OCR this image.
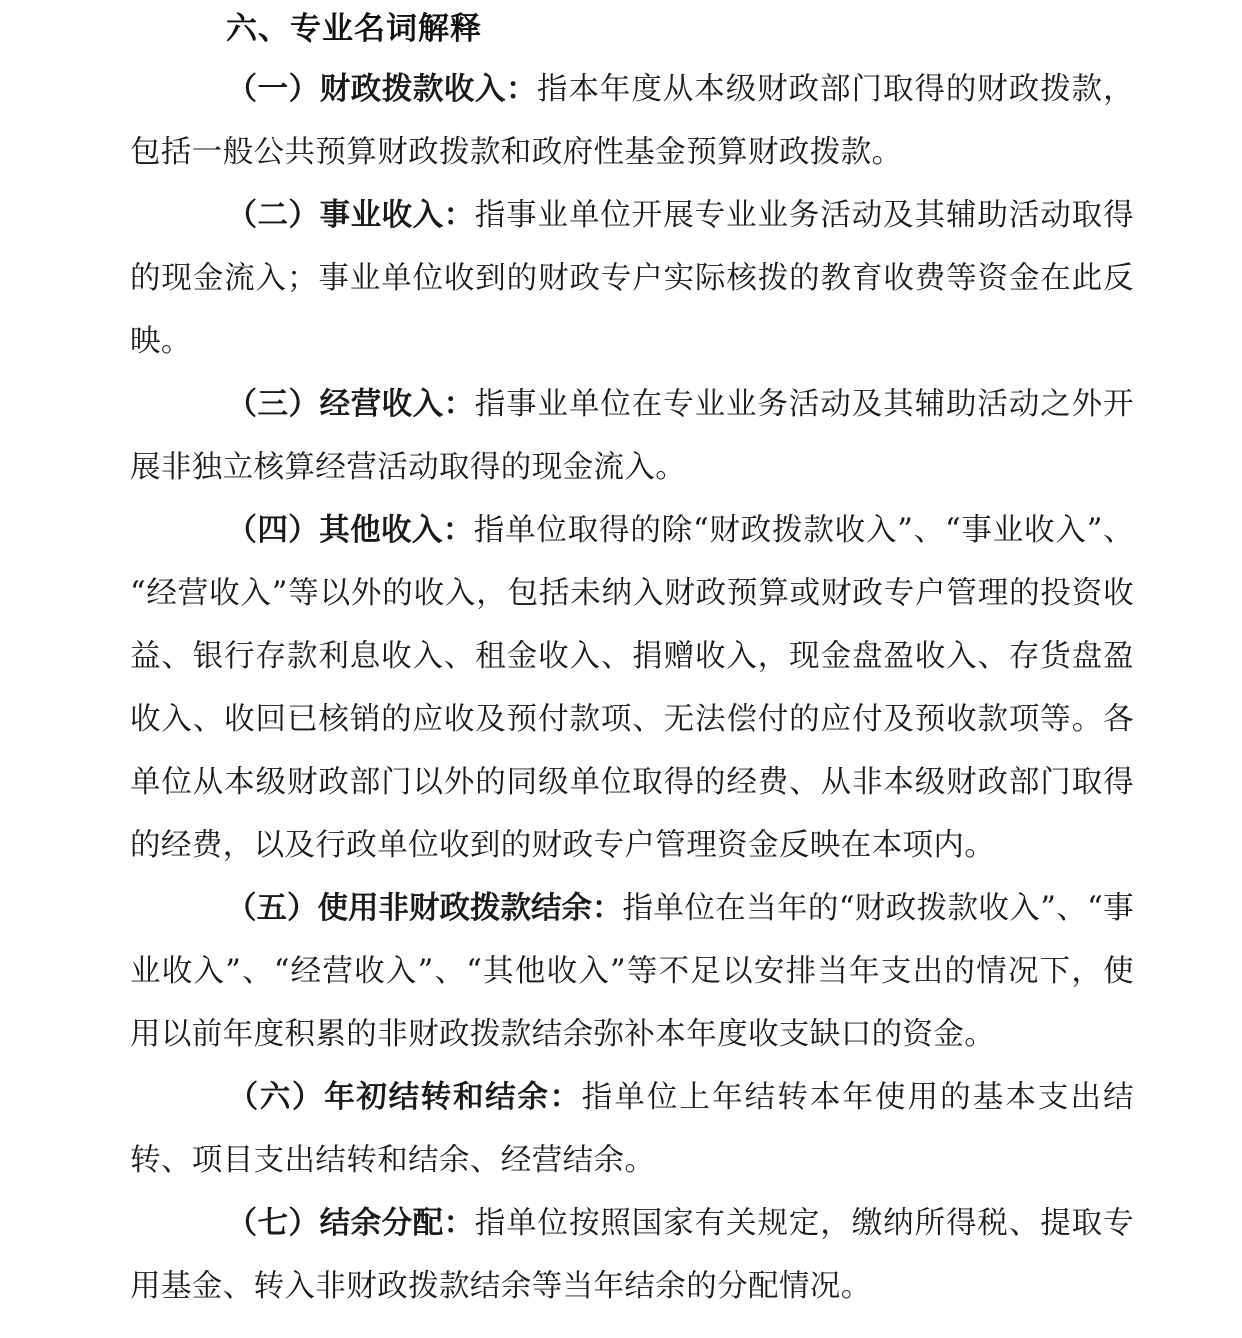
六、专业名词解释

（一）财政拨款收入：指本年度从本级财政部门取得的财政拨款，包括一般公共预算财政拨款和政府性基金预算财政拨款。

（二）事业收入：指事业单位开展专业业务活动及其辅助活动取得的现金流入；事业单位收到的财政专户实际核拨的教育收费等资金在此反映。

（三）经营收入：指事业单位在专业业务活动及其辅助活动之外开展非独立核算经营活动取得的现金流入。

（四）其他收入：指单位取得的除“财政拨款收入”、“事业收入”、“经营收入”等以外的收入，包括未纳入财政预算或财政专户管理的投资收益、银行存款利息收入、租金收入、捐赠收入，现金盘盈收入、存货盘盈收入、收回已核销的应收及预付款项、无法偿付的应付及预收款项等。各单位从本级财政部门以外的同级单位取得的经费、从非本级财政部门取得的经费，以及行政单位收到的财政专户管理资金反映在本项内。

（五）使用非财政拨款结余：指单位在当年的“财政拨款收入”、“事业收入”、“经营收入”、“其他收入”等不足以安排当年支出的情况下，使用以前年度积累的非财政拨款结余弥补本年度收支缺口的资金。

（六）年初结转和结余：指单位上年结转本年使用的基本支出结转、项目支出结转和结余、经营结余。

（七）结余分配：指单位按照国家有关规定，缴纳所得税、提取专用基金、转入非财政拨款结余等当年结余的分配情况。
